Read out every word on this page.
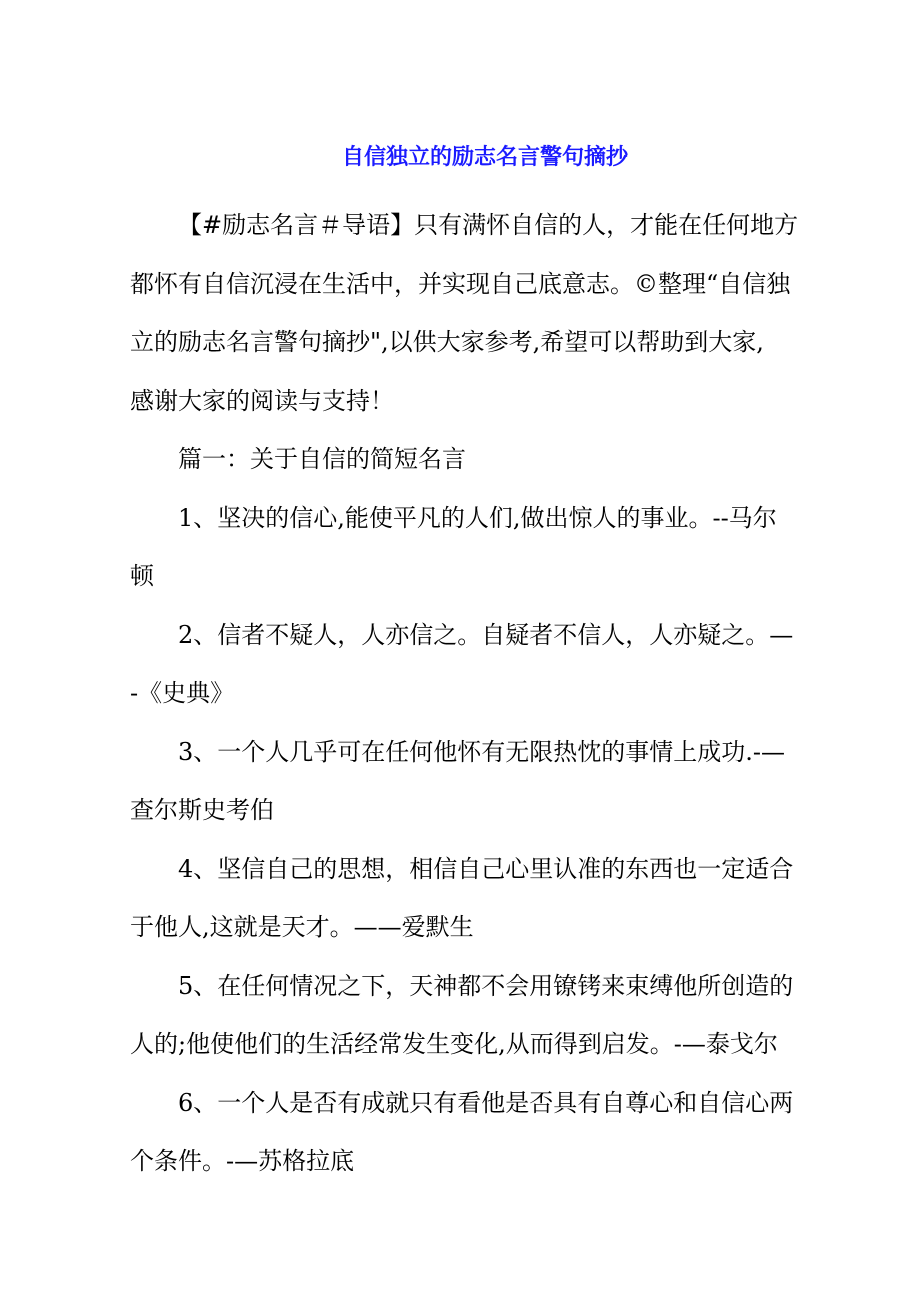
自信独立的励志名言警句摘抄
【#励志名言＃导语】只有满怀自信的人，才能在任何地方
都怀有自信沉浸在生活中，并实现自己底意志。©整理“自信独
立的励志名言警句摘抄",以供大家参考,希望可以帮助到大家,
感谢大家的阅读与支持！
篇一：关于自信的简短名言
1、坚决的信心,能使平凡的人们,做出惊人的事业。--马尔
顿
2、信者不疑人，人亦信之。自疑者不信人，人亦疑之。—
-《史典》
3、一个人几乎可在任何他怀有无限热忱的事情上成功.-—
查尔斯史考伯
4、坚信自己的思想，相信自己心里认准的东西也一定适合
于他人,这就是天才。——爱默生
5、在任何情况之下，天神都不会用镣铐来束缚他所创造的
人的;他使他们的生活经常发生变化,从而得到启发。-—泰戈尔
6、一个人是否有成就只有看他是否具有自尊心和自信心两
个条件。-—苏格拉底
